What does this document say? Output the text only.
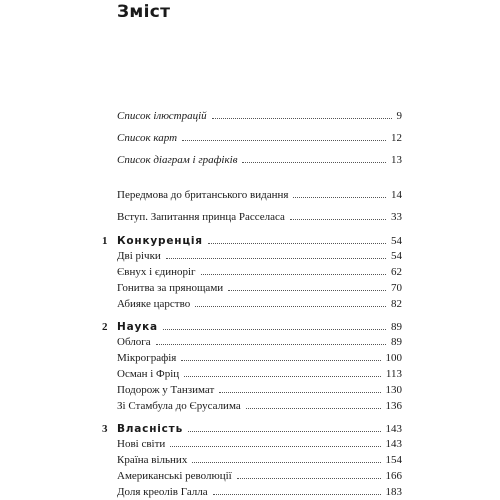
Зміст
Список ілюстрацій	9
Список карт	12
Список діаграм і графіків	13
Передмова до британського видання	14
Вступ. Запитання принца Расселаса	33
1 Конкуренція	54
Дві річки	54
Євнух і єдиноріг	62
Гонитва за прянощами	70
Абияке царство	82
2 Наука	89
Облога	89
Мікрографія	100
Осман і Фріц	113
Подорож у Танзимат	130
Зі Стамбула до Єрусалима	136
3 Власність	143
Нові світи	143
Країна вільних	154
Американські революції	166
Доля креолів Галла	183
